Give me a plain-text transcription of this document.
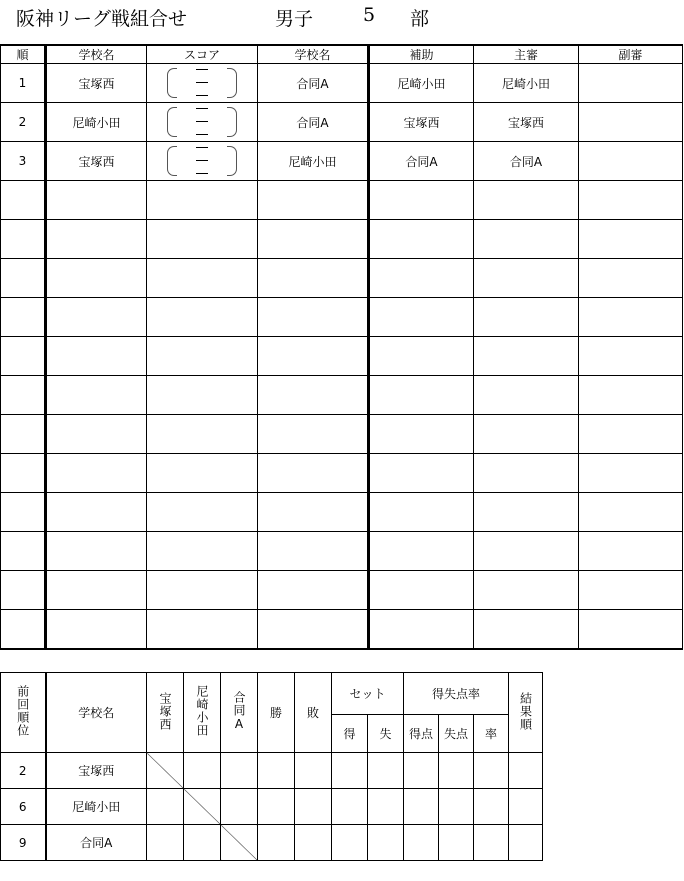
阪神リーグ戦組合せ	男子	5 部
順	学校名	スコア	学校名	補助	主審	副審
1	宝塚西		合同A	尼崎小田	尼崎小田	
2	尼崎小田		合同A	宝塚西	宝塚西	
3	宝塚西		尼崎小田	合同A	合同A	

前回順位	学校名	宝塚西	尼崎小田	合同A	勝	敗	セット		得失点率			結果順
							得	失	得点	失点	率	
2	宝塚西											
6	尼崎小田											
9	合同A											
